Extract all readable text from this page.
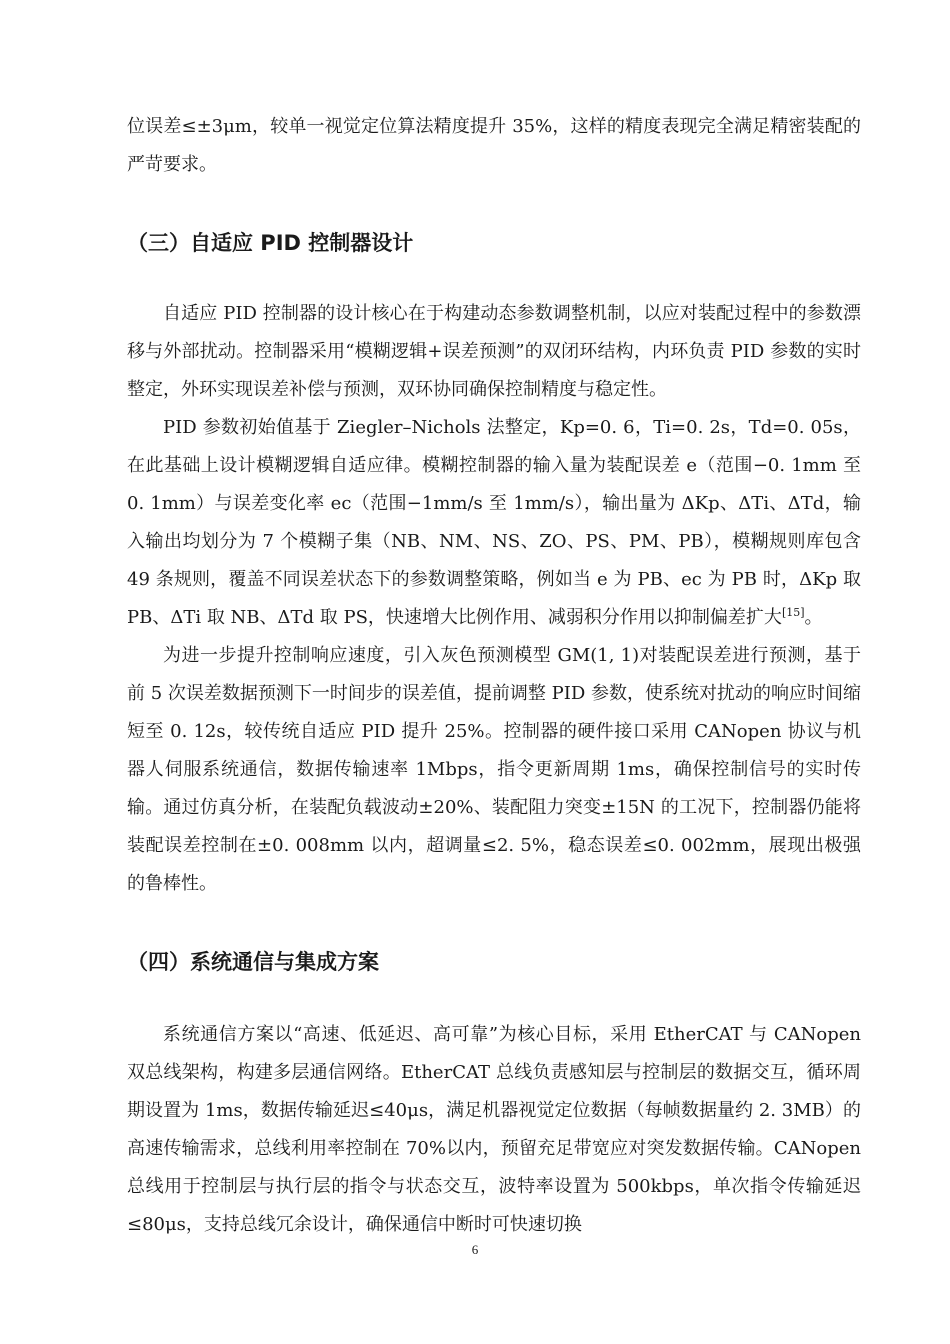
位误差≤±3μm，较单一视觉定位算法精度提升 35%，这样的精度表现完全满足精密装配的严苛要求。

（三）自适应 PID 控制器设计

自适应 PID 控制器的设计核心在于构建动态参数调整机制，以应对装配过程中的参数漂移与外部扰动。控制器采用“模糊逻辑+误差预测”的双闭环结构，内环负责 PID 参数的实时整定，外环实现误差补偿与预测，双环协同确保控制精度与稳定性。

PID 参数初始值基于 Ziegler–Nichols 法整定，Kp=0. 6，Ti=0. 2s，Td=0. 05s，在此基础上设计模糊逻辑自适应律。模糊控制器的输入量为装配误差 e（范围−0. 1mm 至 0. 1mm）与误差变化率 ec（范围−1mm/s 至 1mm/s），输出量为 ΔKp、ΔTi、ΔTd，输入输出均划分为 7 个模糊子集（NB、NM、NS、ZO、PS、PM、PB），模糊规则库包含 49 条规则，覆盖不同误差状态下的参数调整策略，例如当 e 为 PB、ec 为 PB 时，ΔKp 取 PB、ΔTi 取 NB、ΔTd 取 PS，快速增大比例作用、减弱积分作用以抑制偏差扩大[15]。

为进一步提升控制响应速度，引入灰色预测模型 GM(1, 1)对装配误差进行预测，基于前 5 次误差数据预测下一时间步的误差值，提前调整 PID 参数，使系统对扰动的响应时间缩短至 0. 12s，较传统自适应 PID 提升 25%。控制器的硬件接口采用 CANopen 协议与机器人伺服系统通信，数据传输速率 1Mbps，指令更新周期 1ms，确保控制信号的实时传输。通过仿真分析，在装配负载波动±20%、装配阻力突变±15N 的工况下，控制器仍能将装配误差控制在±0. 008mm 以内，超调量≤2. 5%，稳态误差≤0. 002mm，展现出极强的鲁棒性。

（四）系统通信与集成方案

系统通信方案以“高速、低延迟、高可靠”为核心目标，采用 EtherCAT 与 CANopen 双总线架构，构建多层通信网络。EtherCAT 总线负责感知层与控制层的数据交互，循环周期设置为 1ms，数据传输延迟≤40μs，满足机器视觉定位数据（每帧数据量约 2. 3MB）的高速传输需求，总线利用率控制在 70%以内，预留充足带宽应对突发数据传输。CANopen 总线用于控制层与执行层的指令与状态交互，波特率设置为 500kbps，单次指令传输延迟≤80μs，支持总线冗余设计，确保通信中断时可快速切换

6
